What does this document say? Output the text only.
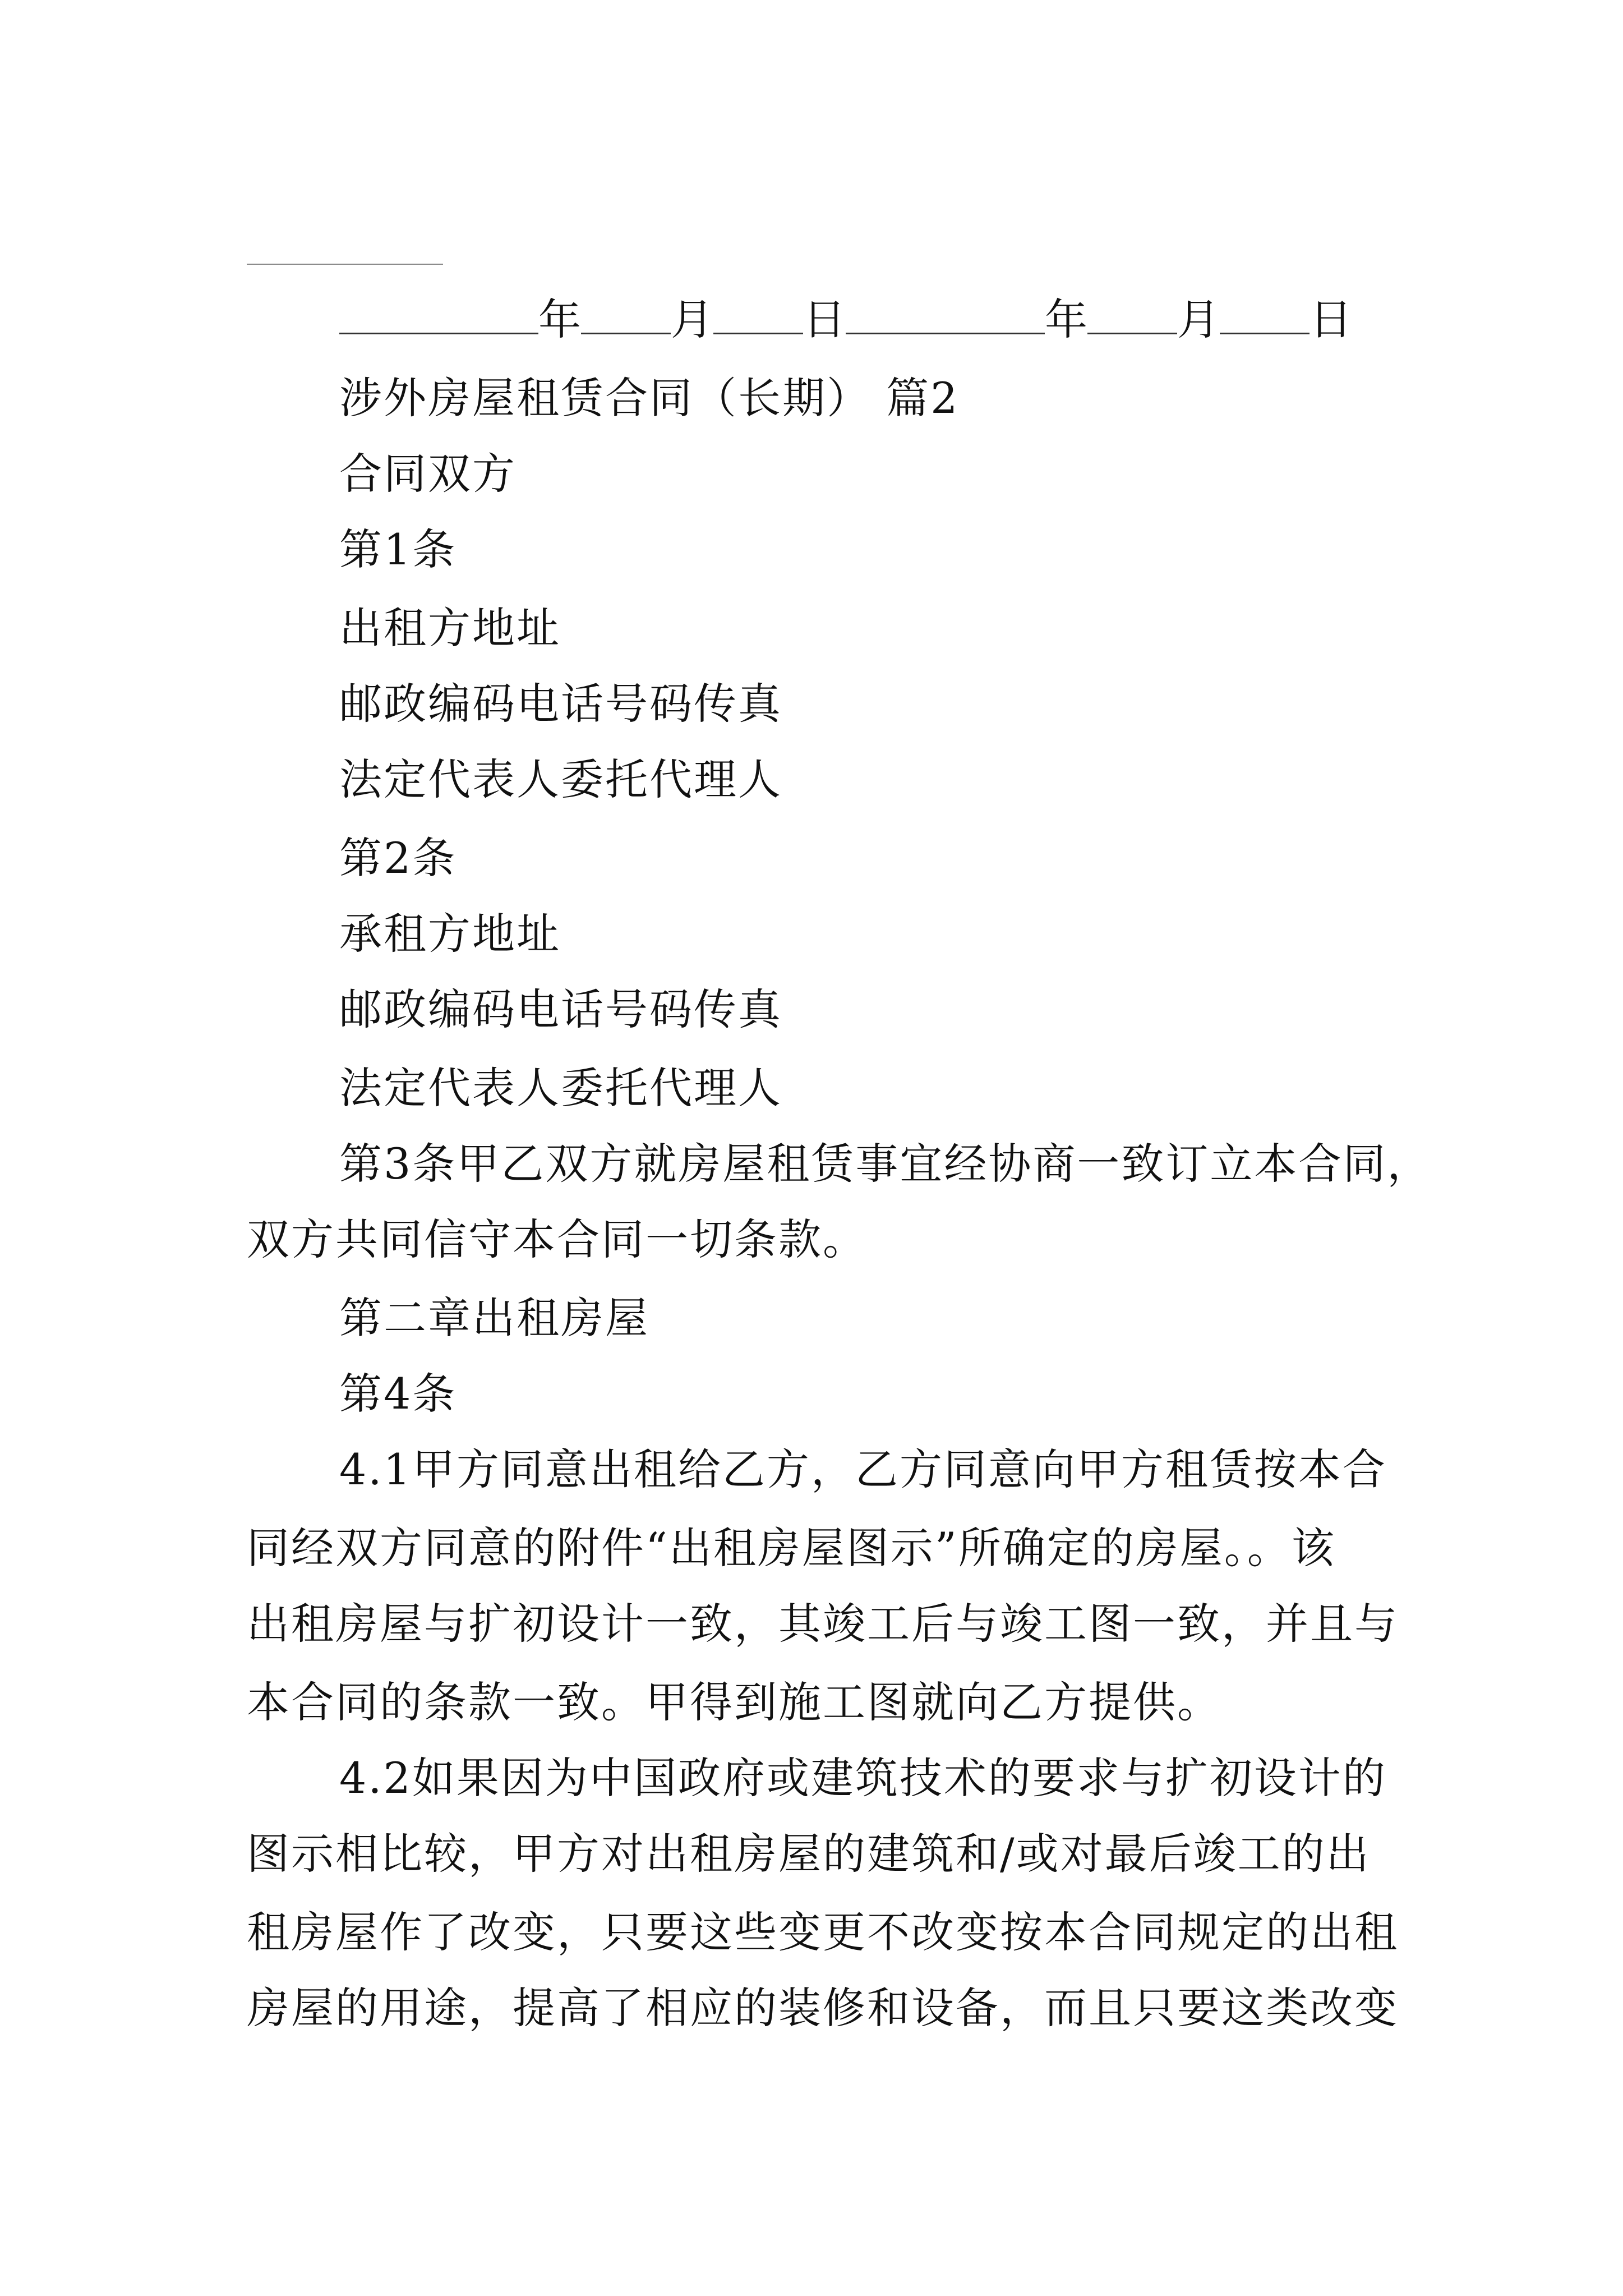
年 月 日	年 月 日
涉外房屋租赁合同（长期） 篇2
合同双方
第1条
出租方地址
邮政编码电话号码传真
法定代表人委托代理人
第2条
承租方地址
邮政编码电话号码传真
法定代表人委托代理人
第3条甲乙双方就房屋租赁事宜经协商一致订立本合同，
双方共同信守本合同一切条款。
第二章出租房屋
第4条
4.1甲方同意出租给乙方，乙方同意向甲方租赁按本合
同经双方同意的附件“出租房屋图示”所确定的房屋。。该
出租房屋与扩初设计一致，其竣工后与竣工图一致，并且与
本合同的条款一致。甲得到施工图就向乙方提供。
4.2如果因为中国政府或建筑技术的要求与扩初设计的
图示相比较，甲方对出租房屋的建筑和/或对最后竣工的出
租房屋作了改变，只要这些变更不改变按本合同规定的出租
房屋的用途，提高了相应的装修和设备，而且只要这类改变
